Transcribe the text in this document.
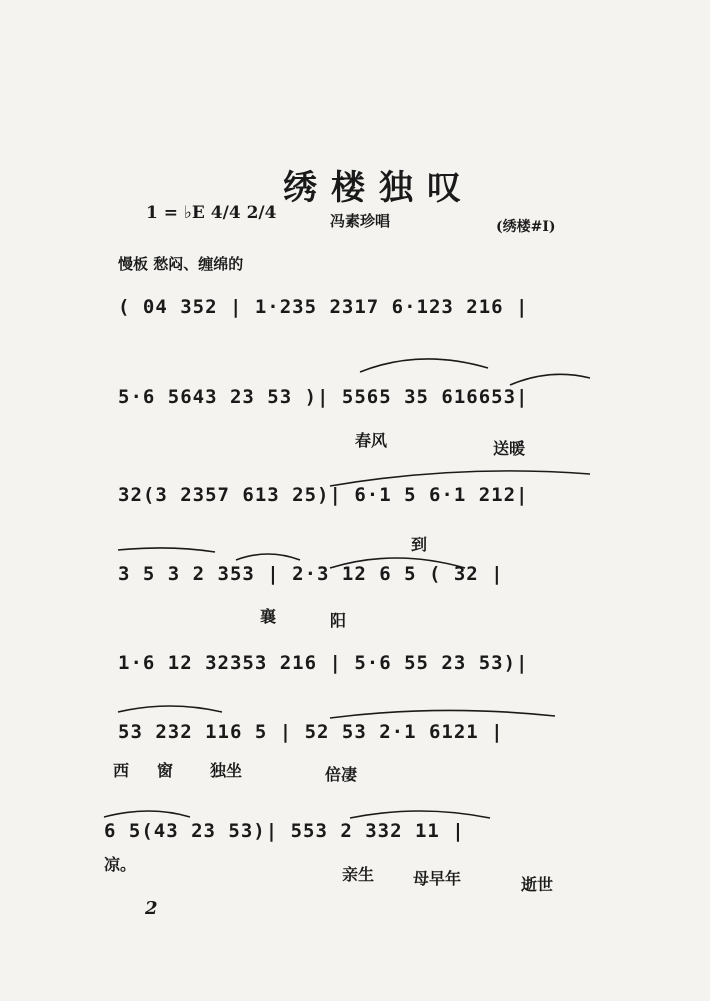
绣楼独叹
1 = ♭E 4/4 2/4	冯素珍唱	(绣楼#I)
慢板 愁闷、缠绵的
( 04 352 | 1·235 2317 6·123 216 |
5·6 5643 23 53 )| 5565 35 616653|
春风	送暖
32(3 2357 613 25)| 6·1 5 6·1 212|
到
3 5 3 2 353 | 2·3 12 6 5 ( 32 |
襄	阳
1·6 12 32353 216 | 5·6 55 23 53)|
53 232 116 5 | 52 53 2·1 6121 |
西 窗 独坐	倍凄
6 5(43 23 53)| 553 2 332 11 |
凉。
亲生 母早年	逝世
2
